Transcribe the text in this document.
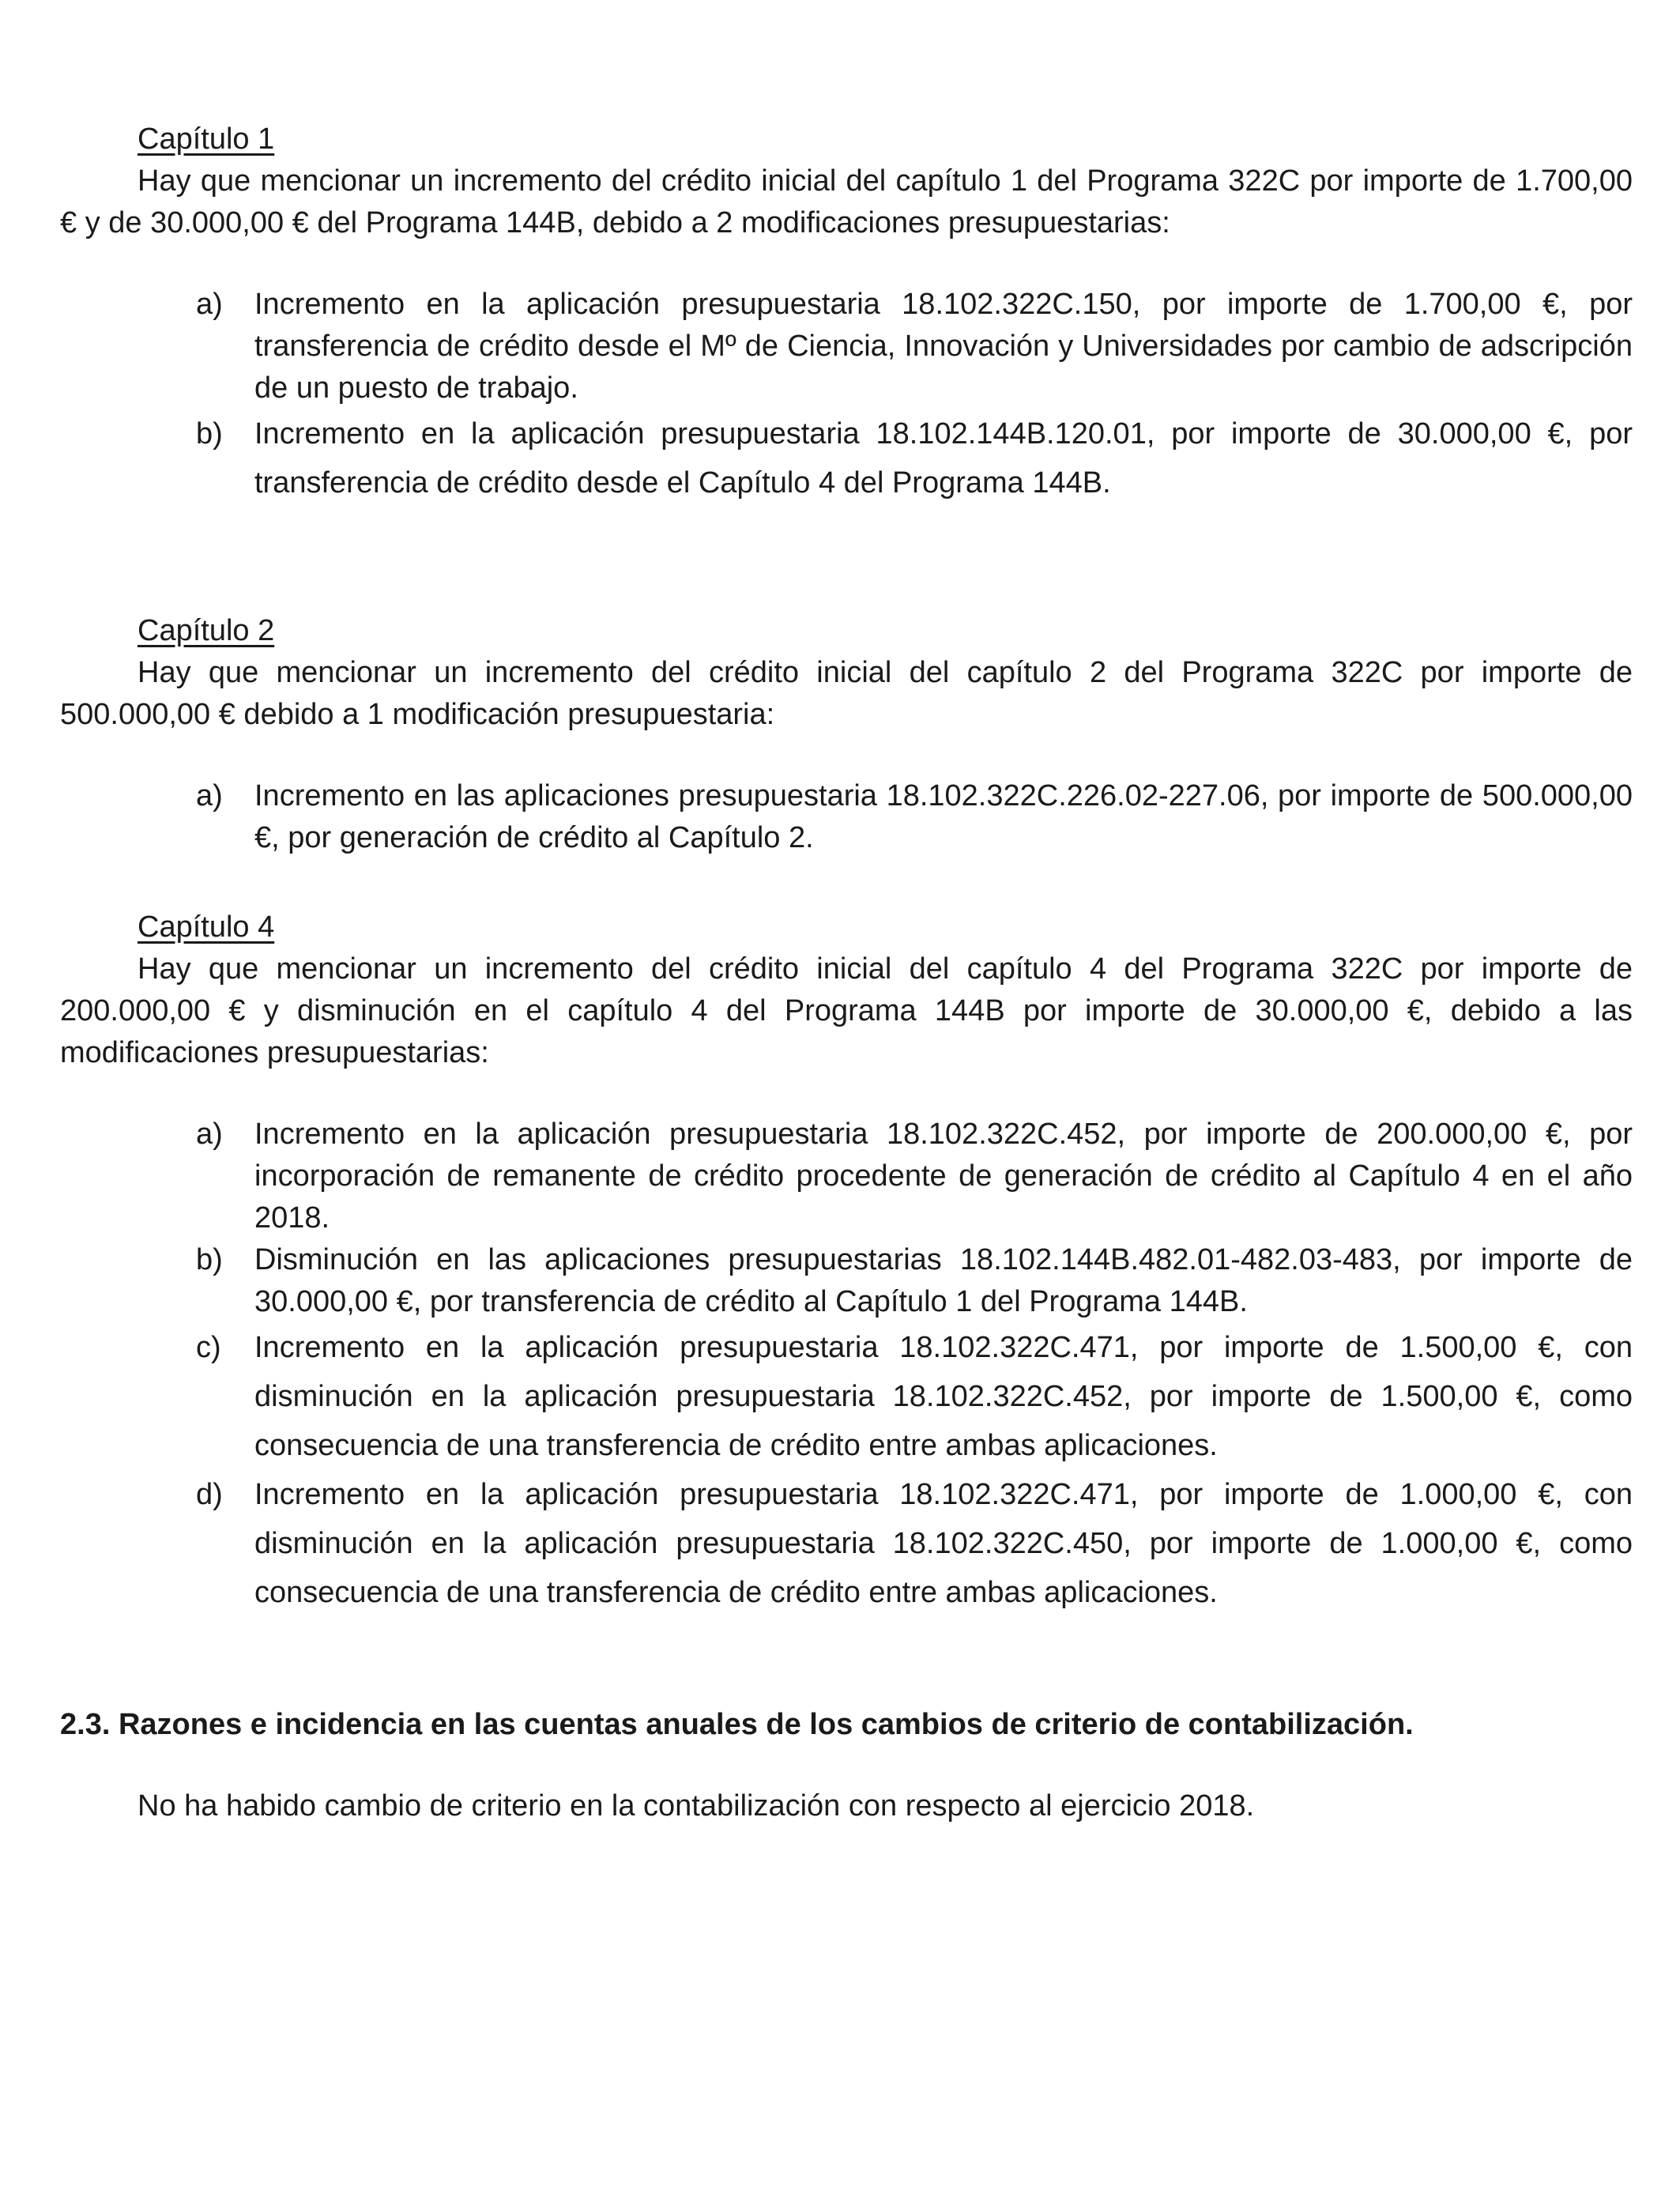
Capítulo 1

Hay que mencionar un incremento del crédito inicial del capítulo 1 del Programa 322C por importe de 1.700,00 € y de 30.000,00 € del Programa 144B, debido a 2 modificaciones presupuestarias:

a)	Incremento en la aplicación presupuestaria 18.102.322C.150, por importe de 1.700,00 €, por transferencia de crédito desde el Mº de Ciencia, Innovación y Universidades por cambio de adscripción de un puesto de trabajo.
b)	Incremento en la aplicación presupuestaria 18.102.144B.120.01, por importe de 30.000,00 €, por transferencia de crédito desde el Capítulo 4 del Programa 144B.

Capítulo 2

Hay que mencionar un incremento del crédito inicial del capítulo 2 del Programa 322C por importe de 500.000,00 € debido a 1 modificación presupuestaria:

a)	Incremento en las aplicaciones presupuestaria 18.102.322C.226.02-227.06, por importe de 500.000,00 €, por generación de crédito al Capítulo 2.

Capítulo 4

Hay que mencionar un incremento del crédito inicial del capítulo 4 del Programa 322C por importe de 200.000,00 € y disminución en el capítulo 4 del Programa 144B por importe de 30.000,00 €, debido a las modificaciones presupuestarias:

a)	Incremento en la aplicación presupuestaria 18.102.322C.452, por importe de 200.000,00 €, por incorporación de remanente de crédito procedente de generación de crédito al Capítulo 4 en el año 2018.
b)	Disminución en las aplicaciones presupuestarias 18.102.144B.482.01-482.03-483, por importe de 30.000,00 €, por transferencia de crédito al Capítulo 1 del Programa 144B.
c)	Incremento en la aplicación presupuestaria 18.102.322C.471, por importe de 1.500,00 €, con disminución en la aplicación presupuestaria 18.102.322C.452, por importe de 1.500,00 €, como consecuencia de una transferencia de crédito entre ambas aplicaciones.
d)	Incremento en la aplicación presupuestaria 18.102.322C.471, por importe de 1.000,00 €, con disminución en la aplicación presupuestaria 18.102.322C.450, por importe de 1.000,00 €, como consecuencia de una transferencia de crédito entre ambas aplicaciones.

2.3. Razones e incidencia en las cuentas anuales de los cambios de criterio de contabilización.

No ha habido cambio de criterio en la contabilización con respecto al ejercicio 2018.
